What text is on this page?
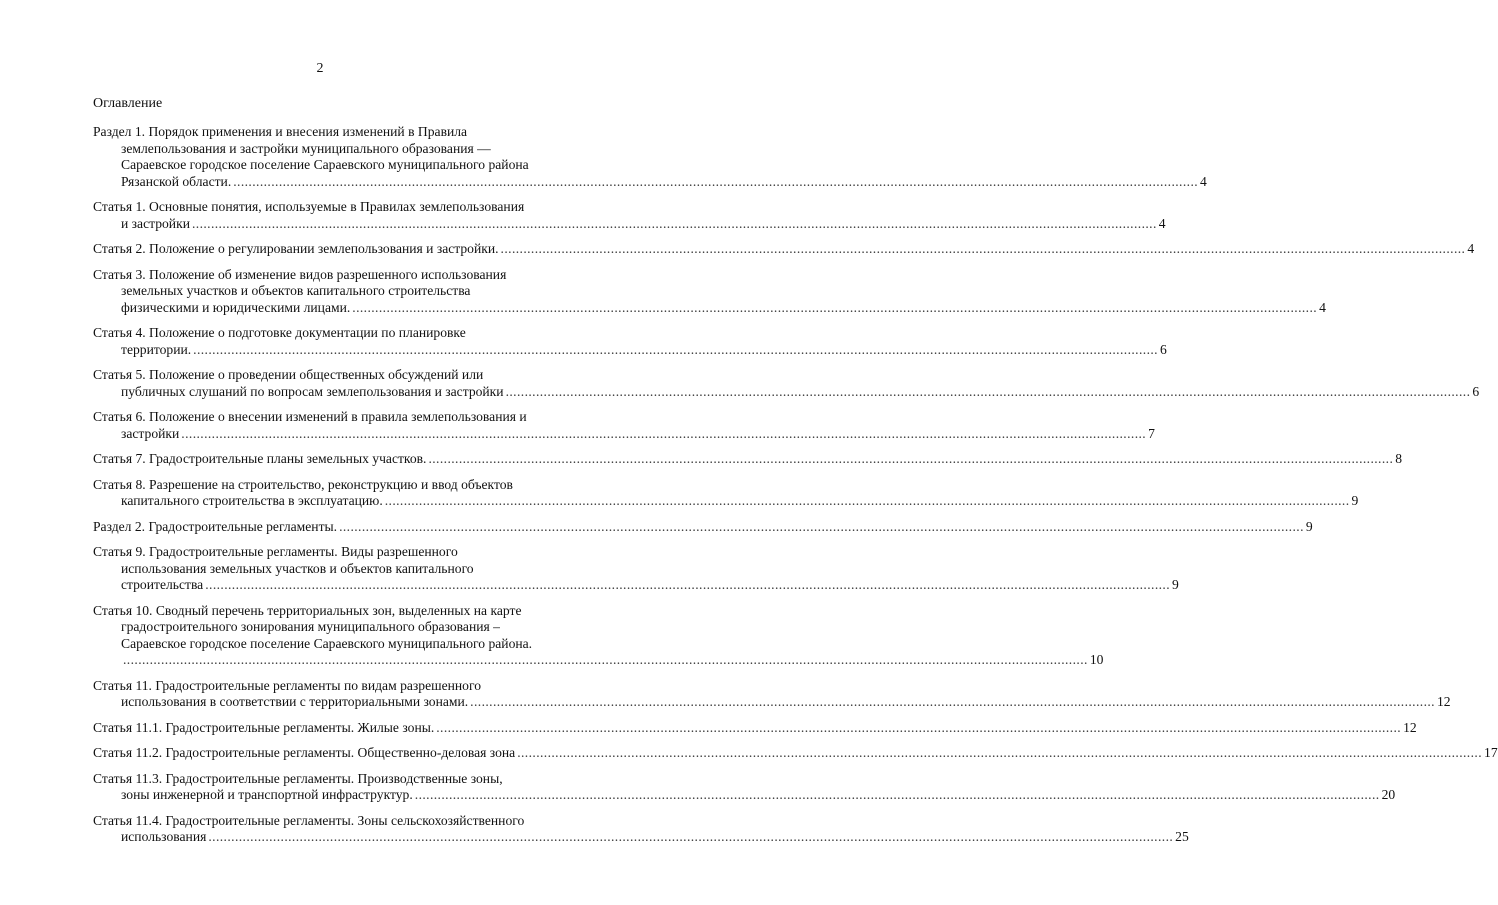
2
Оглавление
Раздел 1. Порядок применения и внесения изменений в Правила
землепользования и застройки муниципального образования —
Сараевское городское поселение Сараевского муниципального района
Рязанской области. .............................................................................................................................................................................................................................................................. 4
Статья 1. Основные понятия, используемые в Правилах землепользования
и застройки .............................................................................................................................................................................................................................................................. 4
Статья 2. Положение о регулировании землепользования и застройки. .............................................................................................................................................................................................................................................................. 4
Статья 3. Положение об изменение видов разрешенного использования
земельных участков и объектов капитального строительства
физическими и юридическими лицами. .............................................................................................................................................................................................................................................................. 4
Статья 4. Положение о подготовке документации по планировке
территории. .............................................................................................................................................................................................................................................................. 6
Статья 5. Положение о проведении общественных обсуждений или
публичных слушаний по вопросам землепользования и застройки .............................................................................................................................................................................................................................................................. 6
Статья 6. Положение о внесении изменений в правила землепользования и
застройки .............................................................................................................................................................................................................................................................. 7
Статья 7. Градостроительные планы земельных участков. .............................................................................................................................................................................................................................................................. 8
Статья 8. Разрешение на строительство, реконструкцию и ввод объектов
капитального строительства в эксплуатацию. .............................................................................................................................................................................................................................................................. 9
Раздел 2. Градостроительные регламенты. .............................................................................................................................................................................................................................................................. 9
Статья 9. Градостроительные регламенты. Виды разрешенного
использования земельных участков и объектов капитального
строительства .............................................................................................................................................................................................................................................................. 9
Статья 10. Сводный перечень территориальных зон, выделенных на карте
градостроительного зонирования муниципального образования –
Сараевское городское поселение Сараевского муниципального района.
.............................................................................................................................................................................................................................................................. 10
Статья 11. Градостроительные регламенты по видам разрешенного
использования в соответствии с территориальными зонами. .............................................................................................................................................................................................................................................................. 12
Статья 11.1. Градостроительные регламенты. Жилые зоны. .............................................................................................................................................................................................................................................................. 12
Статья 11.2. Градостроительные регламенты. Общественно-деловая зона .............................................................................................................................................................................................................................................................. 17
Статья 11.3. Градостроительные регламенты. Производственные зоны,
зоны инженерной и транспортной инфраструктур. .............................................................................................................................................................................................................................................................. 20
Статья 11.4. Градостроительные регламенты. Зоны сельскохозяйственного
использования .............................................................................................................................................................................................................................................................. 25
